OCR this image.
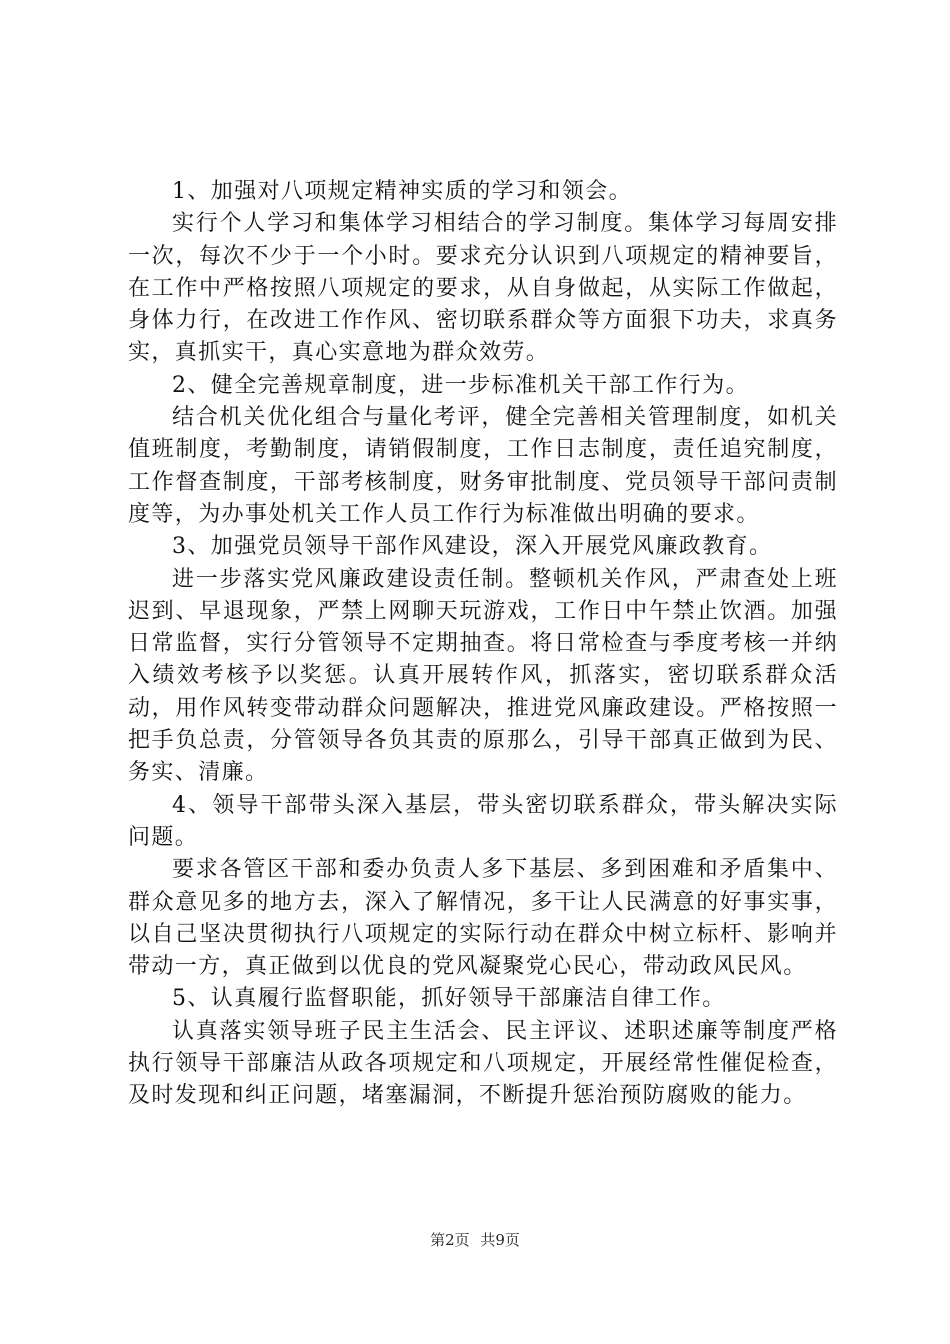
1、加强对八项规定精神实质的学习和领会。

实行个人学习和集体学习相结合的学习制度。集体学习每周安排一次，每次不少于一个小时。要求充分认识到八项规定的精神要旨，在工作中严格按照八项规定的要求，从自身做起，从实际工作做起，身体力行，在改进工作作风、密切联系群众等方面狠下功夫，求真务实，真抓实干，真心实意地为群众效劳。

2、健全完善规章制度，进一步标准机关干部工作行为。

结合机关优化组合与量化考评，健全完善相关管理制度，如机关值班制度，考勤制度，请销假制度，工作日志制度，责任追究制度，工作督查制度，干部考核制度，财务审批制度、党员领导干部问责制度等，为办事处机关工作人员工作行为标准做出明确的要求。

3、加强党员领导干部作风建设，深入开展党风廉政教育。

进一步落实党风廉政建设责任制。整顿机关作风，严肃查处上班迟到、早退现象，严禁上网聊天玩游戏，工作日中午禁止饮酒。加强日常监督，实行分管领导不定期抽查。将日常检查与季度考核一并纳入绩效考核予以奖惩。认真开展转作风，抓落实，密切联系群众活动，用作风转变带动群众问题解决，推进党风廉政建设。严格按照一把手负总责，分管领导各负其责的原那么，引导干部真正做到为民、务实、清廉。

4、领导干部带头深入基层，带头密切联系群众，带头解决实际问题。

要求各管区干部和委办负责人多下基层、多到困难和矛盾集中、群众意见多的地方去，深入了解情况，多干让人民满意的好事实事，以自己坚决贯彻执行八项规定的实际行动在群众中树立标杆、影响并带动一方，真正做到以优良的党风凝聚党心民心，带动政风民风。

5、认真履行监督职能，抓好领导干部廉洁自律工作。

认真落实领导班子民主生活会、民主评议、述职述廉等制度严格执行领导干部廉洁从政各项规定和八项规定，开展经常性催促检查，及时发现和纠正问题，堵塞漏洞，不断提升惩治预防腐败的能力。

第2页 共9页
